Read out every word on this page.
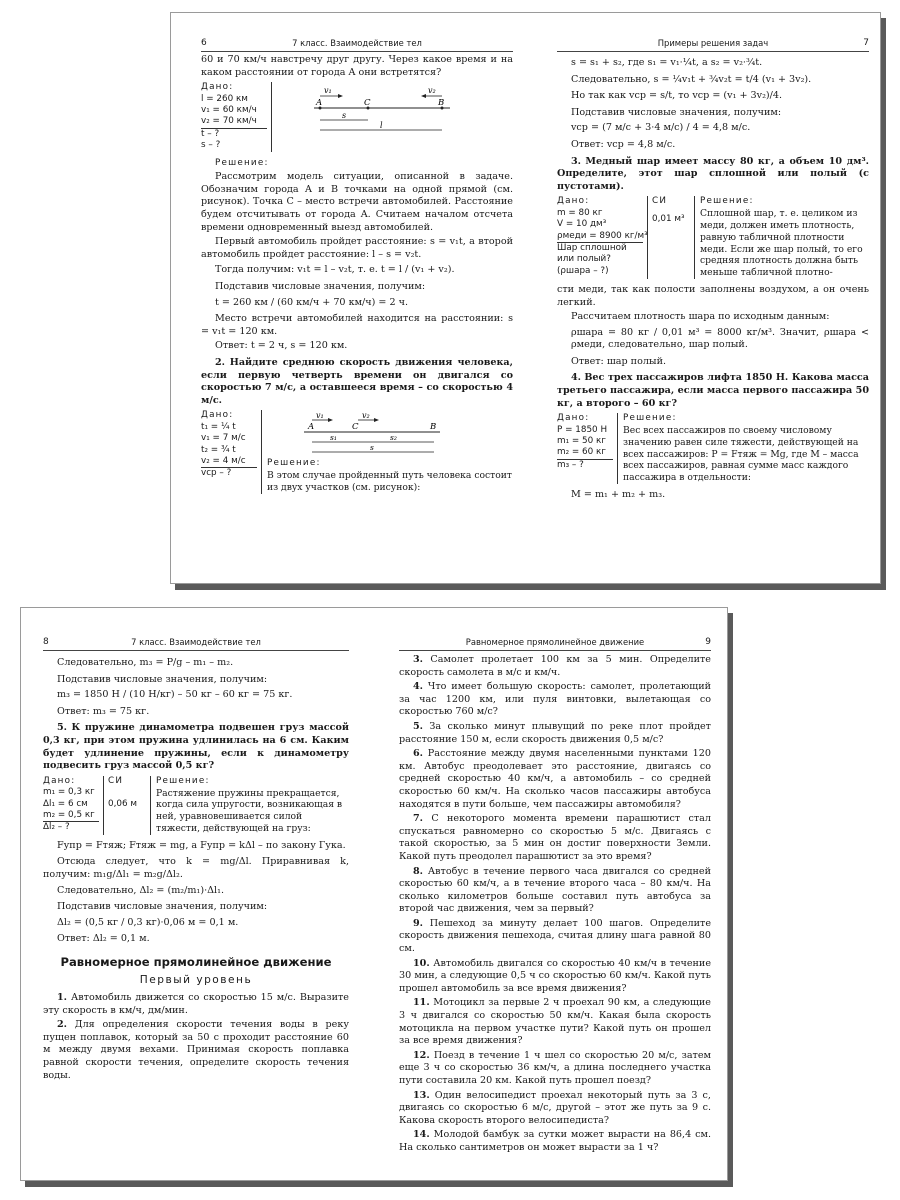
6	7 класс. Взаимодействие тел

60 и 70 км/ч навстречу друг другу. Через какое время и на каком расстоянии от города A они встретятся?

Дано:
l = 260 км
v₁ = 60 км/ч
v₂ = 70 км/ч
t – ?
s – ?
v₁	v₂
A	C	B
s
l

Решение:

Рассмотрим модель ситуации, описанной в задаче. Обозначим города A и B точками на одной прямой (см. рисунок). Точка C – место встречи автомобилей. Расстояние будем отсчитывать от города A. Считаем началом отсчета времени одновременный выезд автомобилей.

Первый автомобиль пройдет расстояние: s = v₁t, а второй автомобиль пройдет расстояние: l – s = v₂t.

Тогда получим: v₁t = l – v₂t, т. е. t = l / (v₁ + v₂).

Подставив числовые значения, получим:

t = 260 км / (60 км/ч + 70 км/ч) = 2 ч.

Место встречи автомобилей находится на расстоянии: s = v₁t = 120 км.

Ответ: t = 2 ч, s = 120 км.

2. Найдите среднюю скорость движения человека, если первую четверть времени он двигался со скоростью 7 м/с, а оставшееся время – со скоростью 4 м/с.

Дано:
t₁ = ¼ t
v₁ = 7 м/с
t₂ = ¾ t
v₂ = 4 м/с
vср – ?
v₁	v₂
A	C	B
s₁	s₂
s
Решение:
В этом случае пройденный путь человека состоит из двух участков (см. рисунок):
Примеры решения задач	7

s = s₁ + s₂, где s₁ = v₁·¼t, а s₂ = v₂·¾t.

Следовательно, s = ¼v₁t + ¾v₂t = t/4 (v₁ + 3v₂).

Но так как vср = s/t, то vср = (v₁ + 3v₂)/4.

Подставив числовые значения, получим:

vср = (7 м/с + 3·4 м/с) / 4 = 4,8 м/с.

Ответ: vср = 4,8 м/с.

3. Медный шар имеет массу 80 кг, а объем 10 дм³. Определите, этот шар сплошной или полый (с пустотами).

Дано:
m = 80 кг
V = 10 дм³
ρмеди = 8900 кг/м³
Шар сплошной
или полый?
(ρшара – ?)
СИ
0,01 м³
Решение:
Сплошной шар, т. е. целиком из меди, должен иметь плотность, равную табличной плотности меди. Если же шар полый, то его средняя плотность должна быть меньше табличной плотно-

сти меди, так как полости заполнены воздухом, а он очень легкий.

Рассчитаем плотность шара по исходным данным:

ρшара = 80 кг / 0,01 м³ = 8000 кг/м³. Значит, ρшара < ρмеди, следовательно, шар полый.

Ответ: шар полый.

4. Вес трех пассажиров лифта 1850 Н. Какова масса третьего пассажира, если масса первого пассажира 50 кг, а второго – 60 кг?

Дано:
P = 1850 Н
m₁ = 50 кг
m₂ = 60 кг
m₃ – ?
Решение:
Вес всех пассажиров по своему числовому значению равен силе тяжести, действующей на всех пассажиров: P = Fтяж = Mg, где M – масса всех пассажиров, равная сумме масс каждого пассажира в отдельности:

M = m₁ + m₂ + m₃.

8	7 класс. Взаимодействие тел

Следовательно, m₃ = P/g – m₁ – m₂.

Подставив числовые значения, получим:

m₃ = 1850 Н / (10 Н/кг) – 50 кг – 60 кг = 75 кг.

Ответ: m₃ = 75 кг.

5. К пружине динамометра подвешен груз массой 0,3 кг, при этом пружина удлинилась на 6 см. Каким будет удлинение пружины, если к динамометру подвесить груз массой 0,5 кг?

Дано:
m₁ = 0,3 кг
Δl₁ = 6 см
m₂ = 0,5 кг
Δl₂ – ?
СИ
0,06 м
Решение:
Растяжение пружины прекращается, когда сила упругости, возникающая в ней, уравновешивается силой тяжести, действующей на груз:

Fупр = Fтяж; Fтяж = mg, а Fупр = kΔl – по закону Гука.

Отсюда следует, что k = mg/Δl. Приравнивая k, получим: m₁g/Δl₁ = m₂g/Δl₂.

Следовательно, Δl₂ = (m₂/m₁)·Δl₁.

Подставив числовые значения, получим:

Δl₂ = (0,5 кг / 0,3 кг)·0,06 м = 0,1 м.

Ответ: Δl₂ = 0,1 м.

Равномерное прямолинейное движение
Первый уровень

1. Автомобиль движется со скоростью 15 м/с. Выразите эту скорость в км/ч, дм/мин.

2. Для определения скорости течения воды в реку пущен поплавок, который за 50 с проходит расстояние 60 м между двумя вехами. Принимая скорость поплавка равной скорости течения, определите скорость течения воды.

Равномерное прямолинейное движение	9

3. Самолет пролетает 100 км за 5 мин. Определите скорость самолета в м/с и км/ч.

4. Что имеет большую скорость: самолет, пролетающий за час 1200 км, или пуля винтовки, вылетающая со скоростью 760 м/с?

5. За сколько минут плывущий по реке плот пройдет расстояние 150 м, если скорость движения 0,5 м/с?

6. Расстояние между двумя населенными пунктами 120 км. Автобус преодолевает это расстояние, двигаясь со средней скоростью 40 км/ч, а автомобиль – со средней скоростью 60 км/ч. На сколько часов пассажиры автобуса находятся в пути больше, чем пассажиры автомобиля?

7. С некоторого момента времени парашютист стал спускаться равномерно со скоростью 5 м/с. Двигаясь с такой скоростью, за 5 мин он достиг поверхности Земли. Какой путь преодолел парашютист за это время?

8. Автобус в течение первого часа двигался со средней скоростью 60 км/ч, а в течение второго часа – 80 км/ч. На сколько километров больше составил путь автобуса за второй час движения, чем за первый?

9. Пешеход за минуту делает 100 шагов. Определите скорость движения пешехода, считая длину шага равной 80 см.

10. Автомобиль двигался со скоростью 40 км/ч в течение 30 мин, а следующие 0,5 ч со скоростью 60 км/ч. Какой путь прошел автомобиль за все время движения?

11. Мотоцикл за первые 2 ч проехал 90 км, а следующие 3 ч двигался со скоростью 50 км/ч. Какая была скорость мотоцикла на первом участке пути? Какой путь он прошел за все время движения?

12. Поезд в течение 1 ч шел со скоростью 20 м/с, затем еще 3 ч со скоростью 36 км/ч, а длина последнего участка пути составила 20 км. Какой путь прошел поезд?

13. Один велосипедист проехал некоторый путь за 3 с, двигаясь со скоростью 6 м/с, другой – этот же путь за 9 с. Какова скорость второго велосипедиста?

14. Молодой бамбук за сутки может вырасти на 86,4 см. На сколько сантиметров он может вырасти за 1 ч?
